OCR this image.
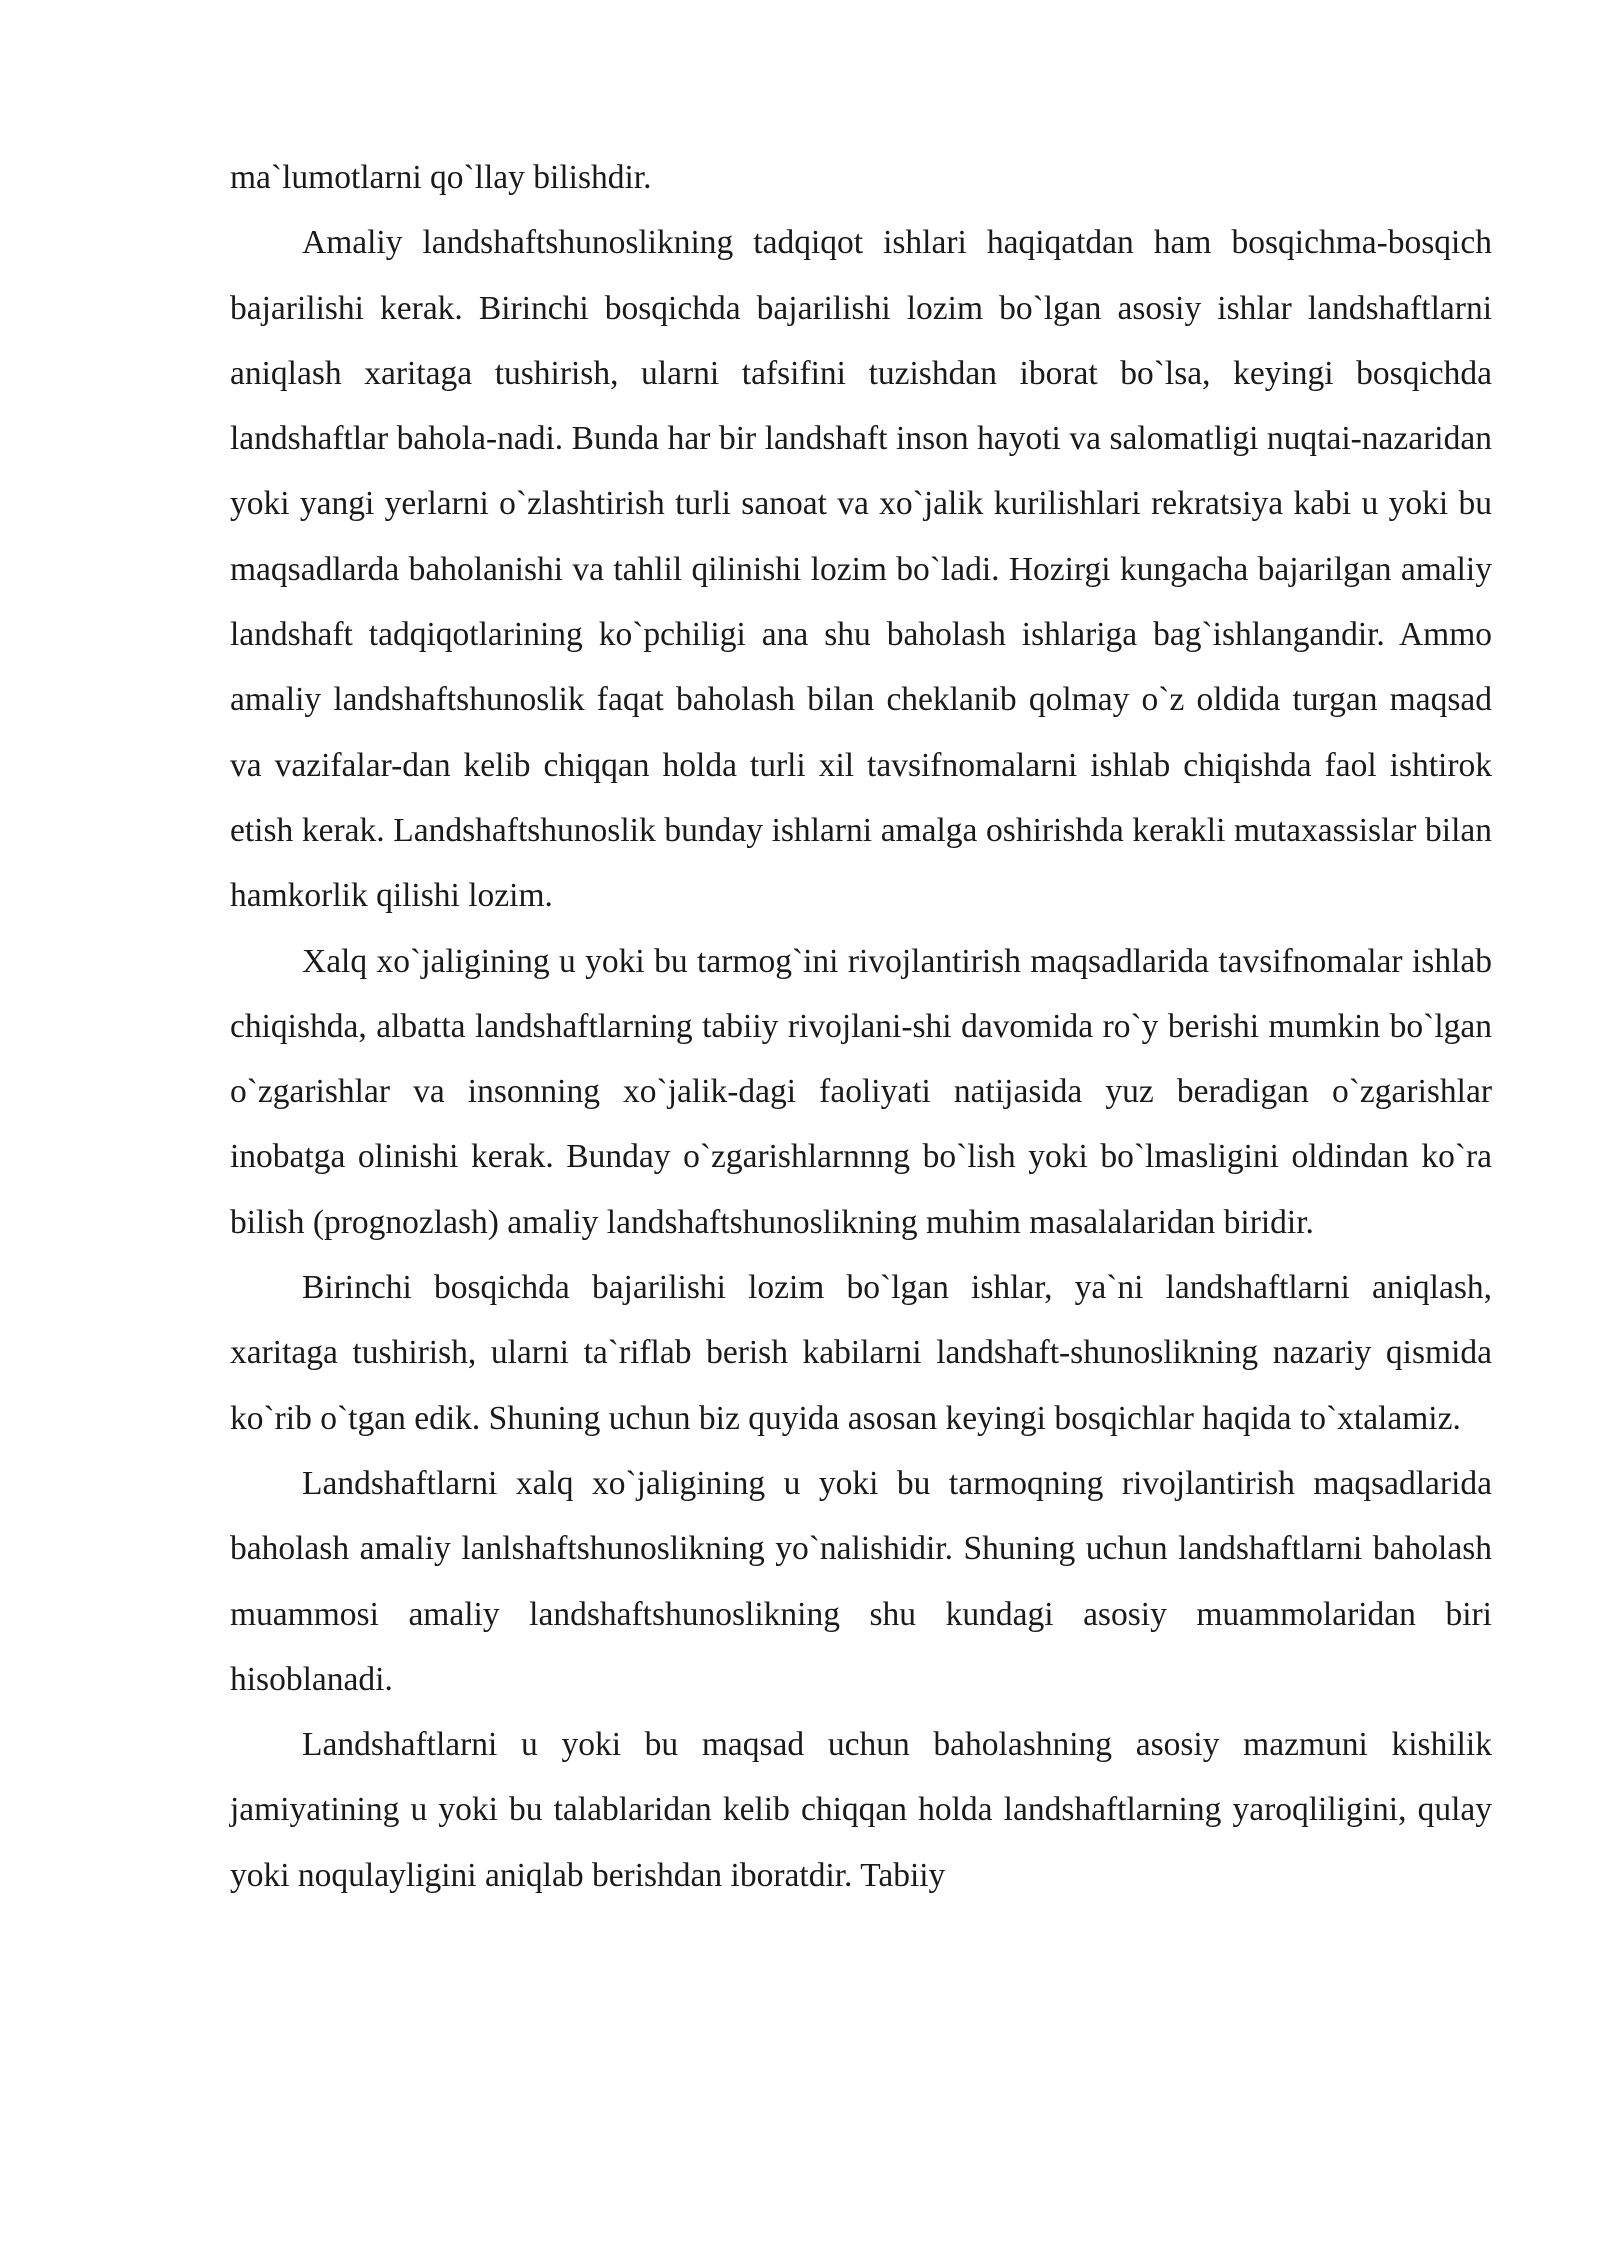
ma`lumotlarni qo`llay bilishdir.

Amaliy landshaftshunoslikning tadqiqot ishlari haqiqatdan ham bosqichma-bosqich bajarilishi kerak. Birinchi bosqichda bajarilishi lozim bo`lgan asosiy ishlar landshaftlarni aniqlash xaritaga tushirish, ularni tafsifini tuzishdan iborat bo`lsa, keyingi bosqichda landshaftlar bahola-nadi. Bunda har bir landshaft inson hayoti va salomatligi nuqtai-nazaridan yoki yangi yerlarni o`zlashtirish turli sanoat va xo`jalik kurilishlari rekratsiya kabi u yoki bu maqsadlarda baholanishi va tahlil qilinishi lozim bo`ladi. Hozirgi kungacha bajarilgan amaliy landshaft tadqiqotlarining ko`pchiligi ana shu baholash ishlariga bag`ishlangandir. Ammo amaliy landshaftshunoslik faqat baholash bilan cheklanib qolmay o`z oldida turgan maqsad va vazifalar-dan kelib chiqqan holda turli xil tavsifnomalarni ishlab chiqishda faol ishtirok etish kerak. Landshaftshunoslik bunday ishlarni amalga oshirishda kerakli mutaxassislar bilan hamkorlik qilishi lozim.

Xalq xo`jaligining u yoki bu tarmog`ini rivojlantirish maqsadlarida tavsifnomalar ishlab chiqishda, albatta landshaftlarning tabiiy rivojlani-shi davomida ro`y berishi mumkin bo`lgan o`zgarishlar va insonning xo`jalik-dagi faoliyati natijasida yuz beradigan o`zgarishlar inobatga olinishi kerak. Bunday o`zgarishlarnnng bo`lish yoki bo`lmasligini oldindan ko`ra bilish (prognozlash) amaliy landshaftshunoslikning muhim masalalaridan biridir.

Birinchi bosqichda bajarilishi lozim bo`lgan ishlar, ya`ni landshaftlarni aniqlash, xaritaga tushirish, ularni ta`riflab berish kabilarni landshaft-shunoslikning nazariy qismida ko`rib o`tgan edik. Shuning uchun biz quyida asosan keyingi bosqichlar haqida to`xtalamiz.

Landshaftlarni xalq xo`jaligining u yoki bu tarmoqning rivojlantirish maqsadlarida baholash amaliy lanlshaftshunoslikning yo`nalishidir. Shuning uchun landshaftlarni baholash muammosi amaliy landshaftshunoslikning shu kundagi asosiy muammolaridan biri hisoblanadi.

Landshaftlarni u yoki bu maqsad uchun baholashning asosiy mazmuni kishilik jamiyatining u yoki bu talablaridan kelib chiqqan holda landshaftlarning yaroqliligini, qulay yoki noqulayligini aniqlab berishdan iboratdir. Tabiiy
